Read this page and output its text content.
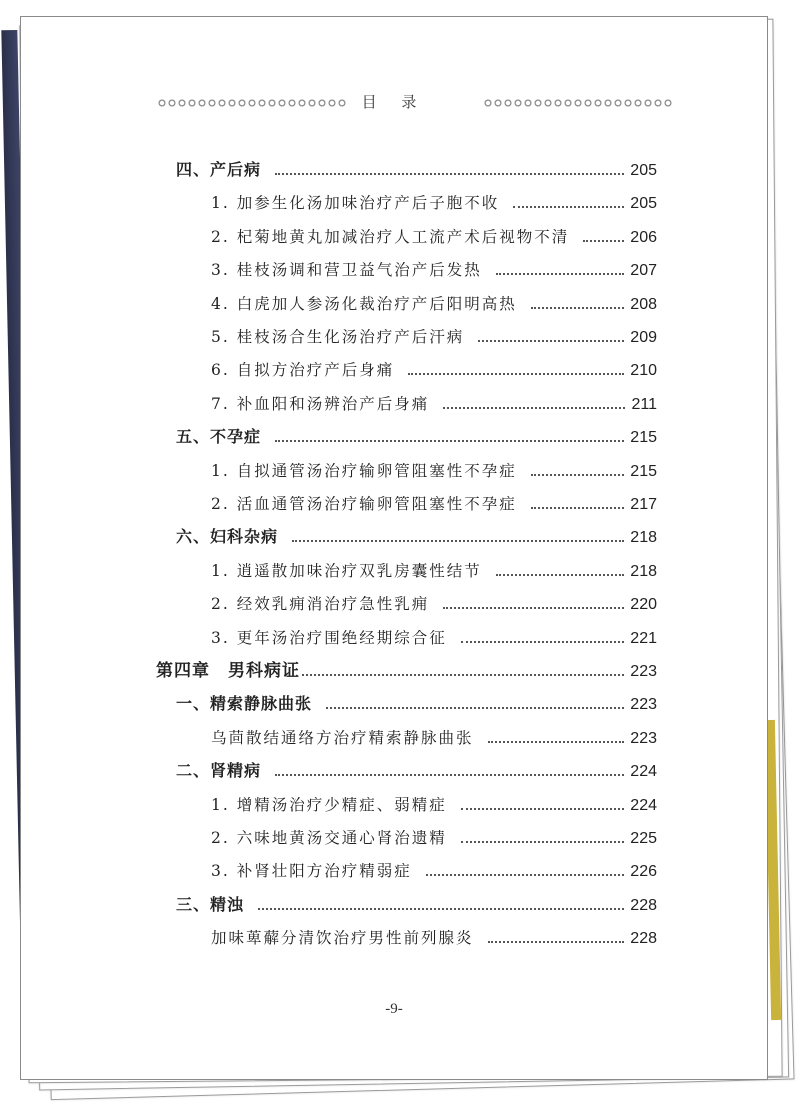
目 录
四、产后病	205
1. 加参生化汤加味治疗产后子胞不收	205
2. 杞菊地黄丸加减治疗人工流产术后视物不清	206
3. 桂枝汤调和营卫益气治产后发热	207
4. 白虎加人参汤化裁治疗产后阳明高热	208
5. 桂枝汤合生化汤治疗产后汗病	209
6. 自拟方治疗产后身痛	210
7. 补血阳和汤辨治产后身痛	211
五、不孕症	215
1. 自拟通管汤治疗输卵管阻塞性不孕症	215
2. 活血通管汤治疗输卵管阻塞性不孕症	217
六、妇科杂病	218
1. 逍遥散加味治疗双乳房囊性结节	218
2. 经效乳痈消治疗急性乳痈	220
3. 更年汤治疗围绝经期综合征	221
第四章　男科病证	223
一、精索静脉曲张	223
乌茴散结通络方治疗精索静脉曲张	223
二、肾精病	224
1. 增精汤治疗少精症、弱精症	224
2. 六味地黄汤交通心肾治遗精	225
3. 补肾壮阳方治疗精弱症	226
三、精浊	228
加味萆薢分清饮治疗男性前列腺炎	228
-9-
